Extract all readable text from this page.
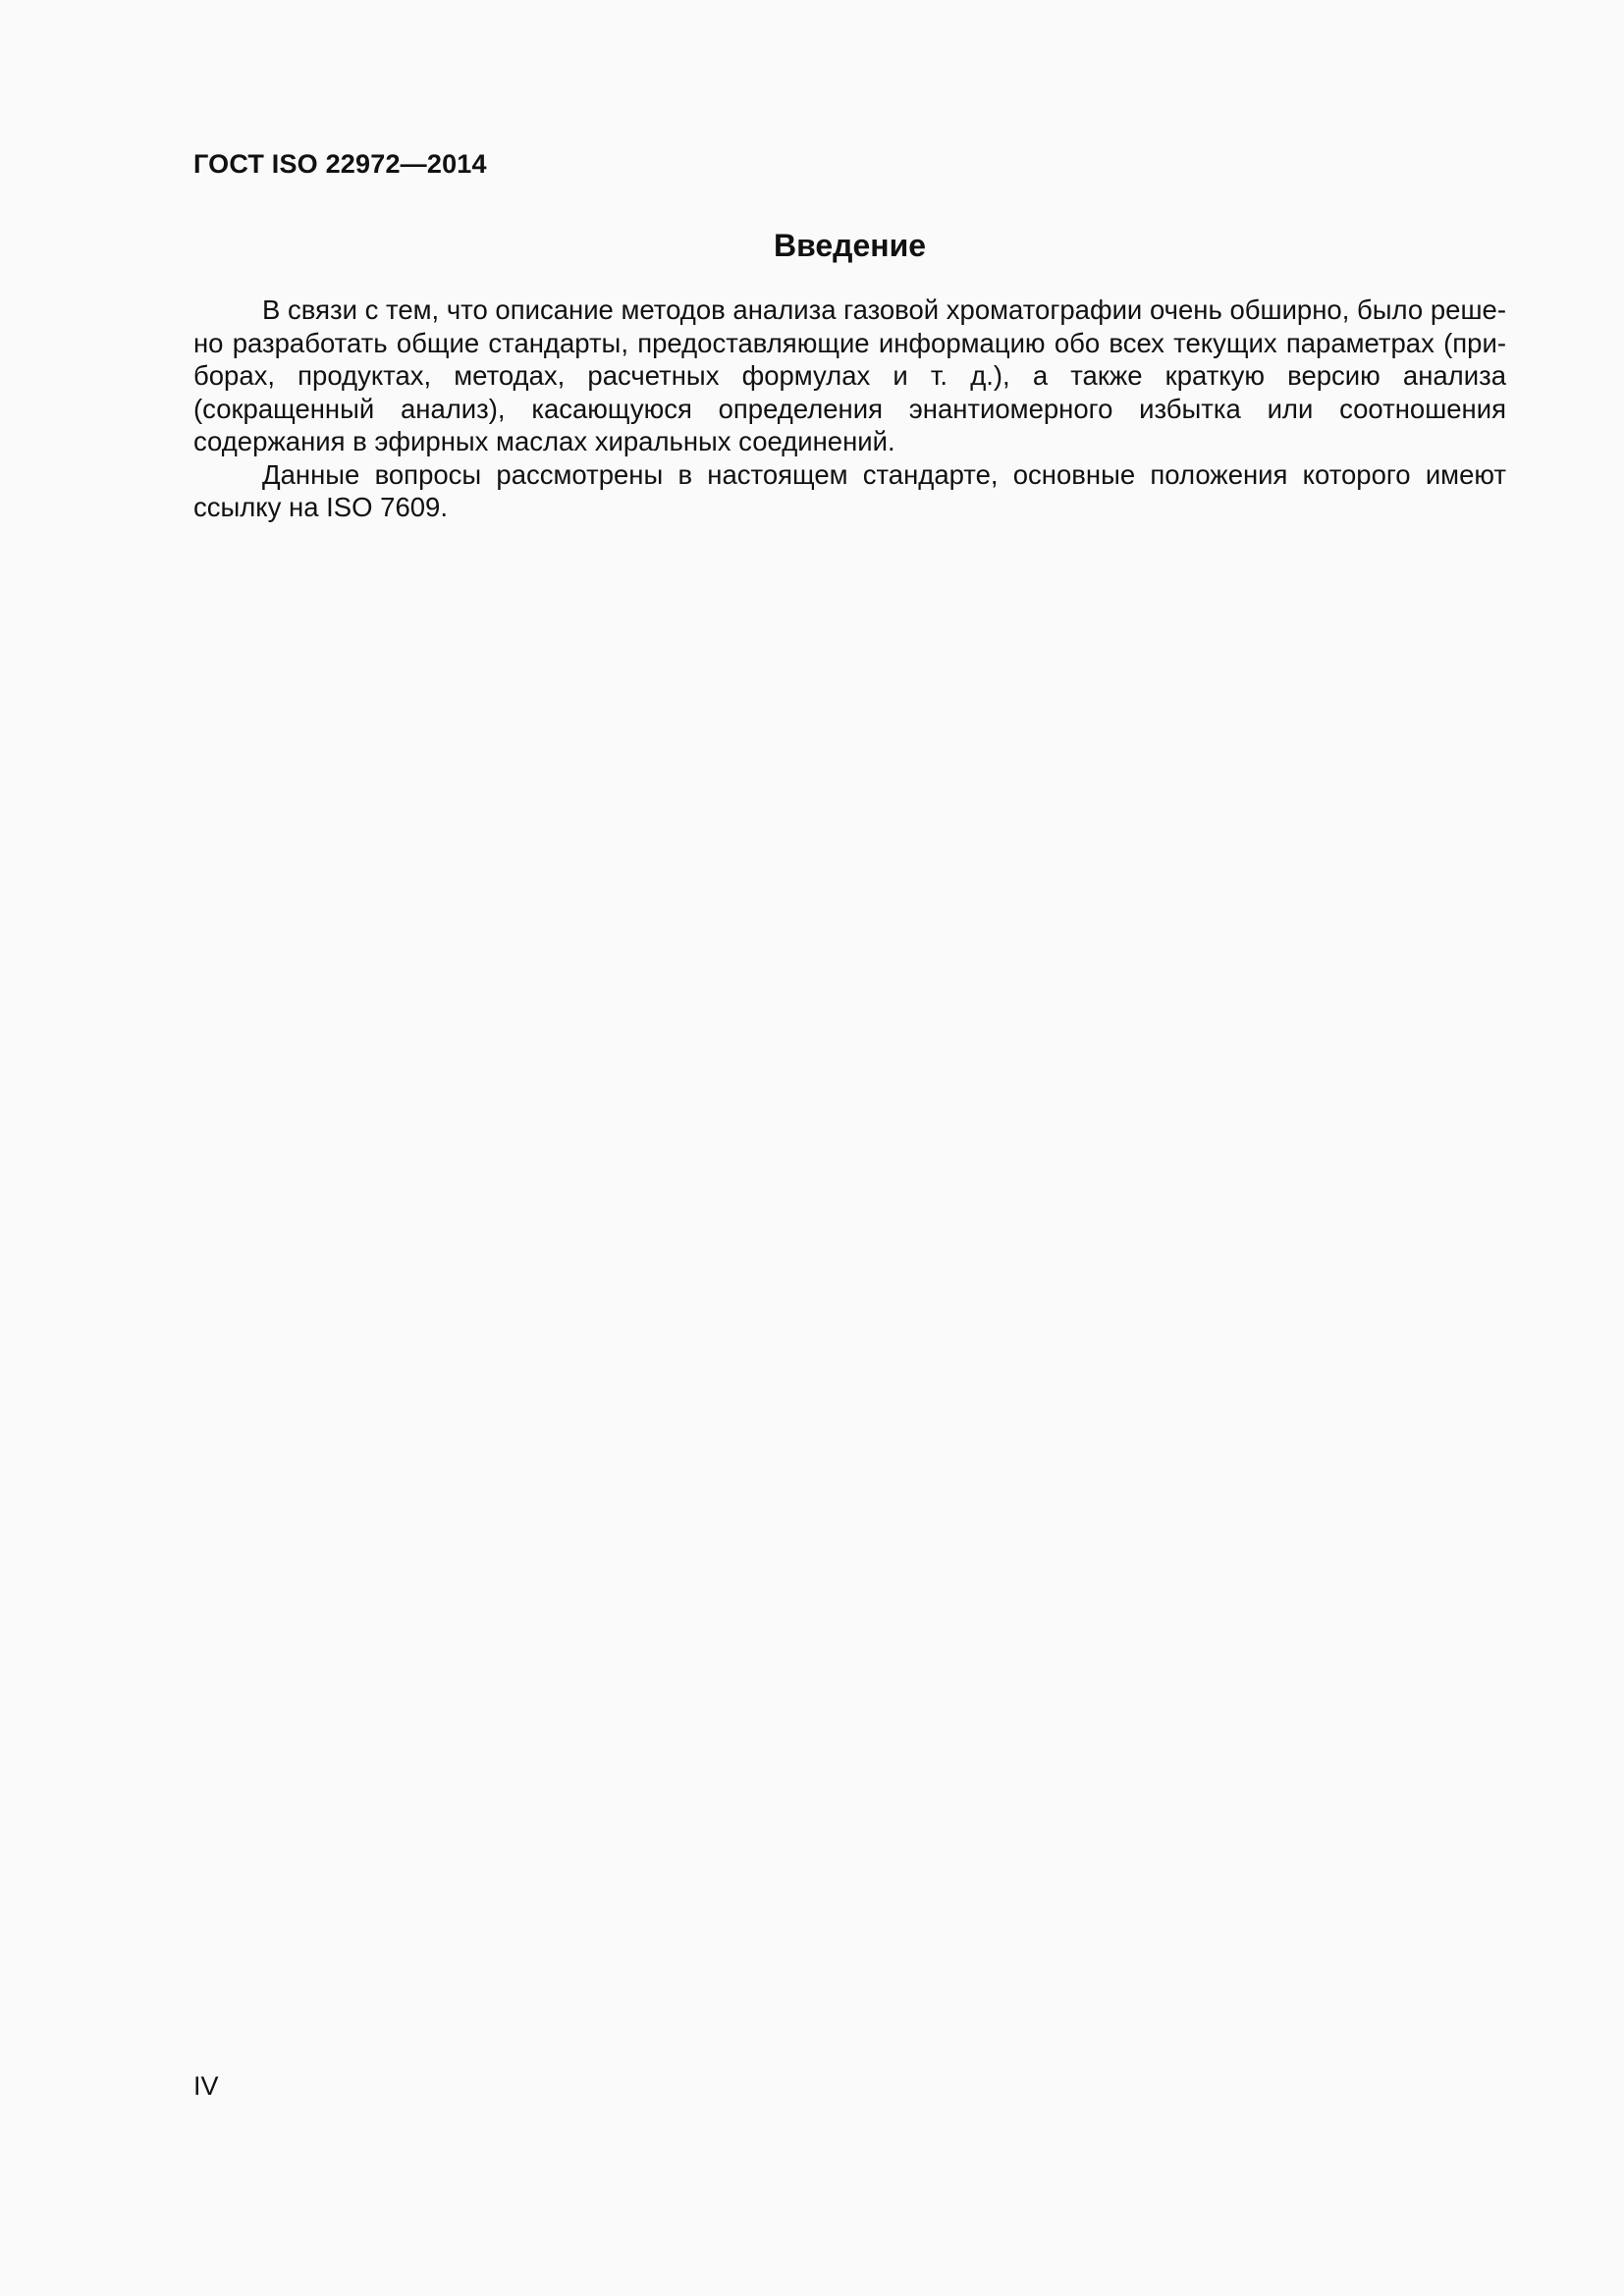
ГОСТ ISO 22972—2014
Введение

В связи с тем, что описание методов анализа газовой хроматографии очень обширно, было решено разработать общие стандарты, предоставляющие информацию обо всех текущих параметрах (приборах, продуктах, методах, расчетных формулах и т. д.), а также краткую версию анализа (сокращенный анализ), касающуюся определения энантиомерного избытка или соотношения содержания в эфирных маслах хиральных соединений.

Данные вопросы рассмотрены в настоящем стандарте, основные положения которого имеют ссылку на ISO 7609.

IV
